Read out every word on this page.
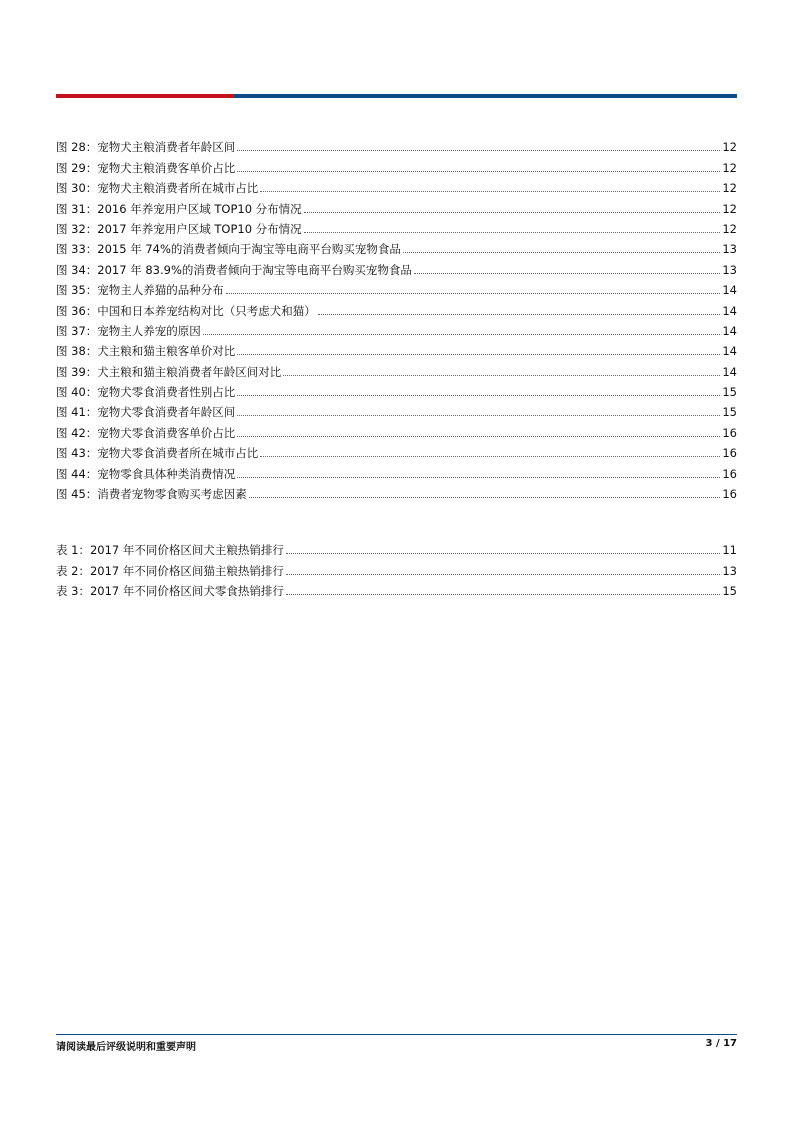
图 28：宠物犬主粮消费者年龄区间	12
图 29：宠物犬主粮消费客单价占比	12
图 30：宠物犬主粮消费者所在城市占比	12
图 31：2016 年养宠用户区域 TOP10 分布情况	12
图 32：2017 年养宠用户区域 TOP10 分布情况	12
图 33：2015 年 74%的消费者倾向于淘宝等电商平台购买宠物食品	13
图 34：2017 年 83.9%的消费者倾向于淘宝等电商平台购买宠物食品	13
图 35：宠物主人养猫的品种分布	14
图 36：中国和日本养宠结构对比（只考虑犬和猫）	14
图 37：宠物主人养宠的原因	14
图 38：犬主粮和猫主粮客单价对比	14
图 39：犬主粮和猫主粮消费者年龄区间对比	14
图 40：宠物犬零食消费者性别占比	15
图 41：宠物犬零食消费者年龄区间	15
图 42：宠物犬零食消费客单价占比	16
图 43：宠物犬零食消费者所在城市占比	16
图 44：宠物零食具体种类消费情况	16
图 45：消费者宠物零食购买考虑因素	16
表 1：2017 年不同价格区间犬主粮热销排行	11
表 2：2017 年不同价格区间猫主粮热销排行	13
表 3：2017 年不同价格区间犬零食热销排行	15
请阅读最后评级说明和重要声明	3 / 17
